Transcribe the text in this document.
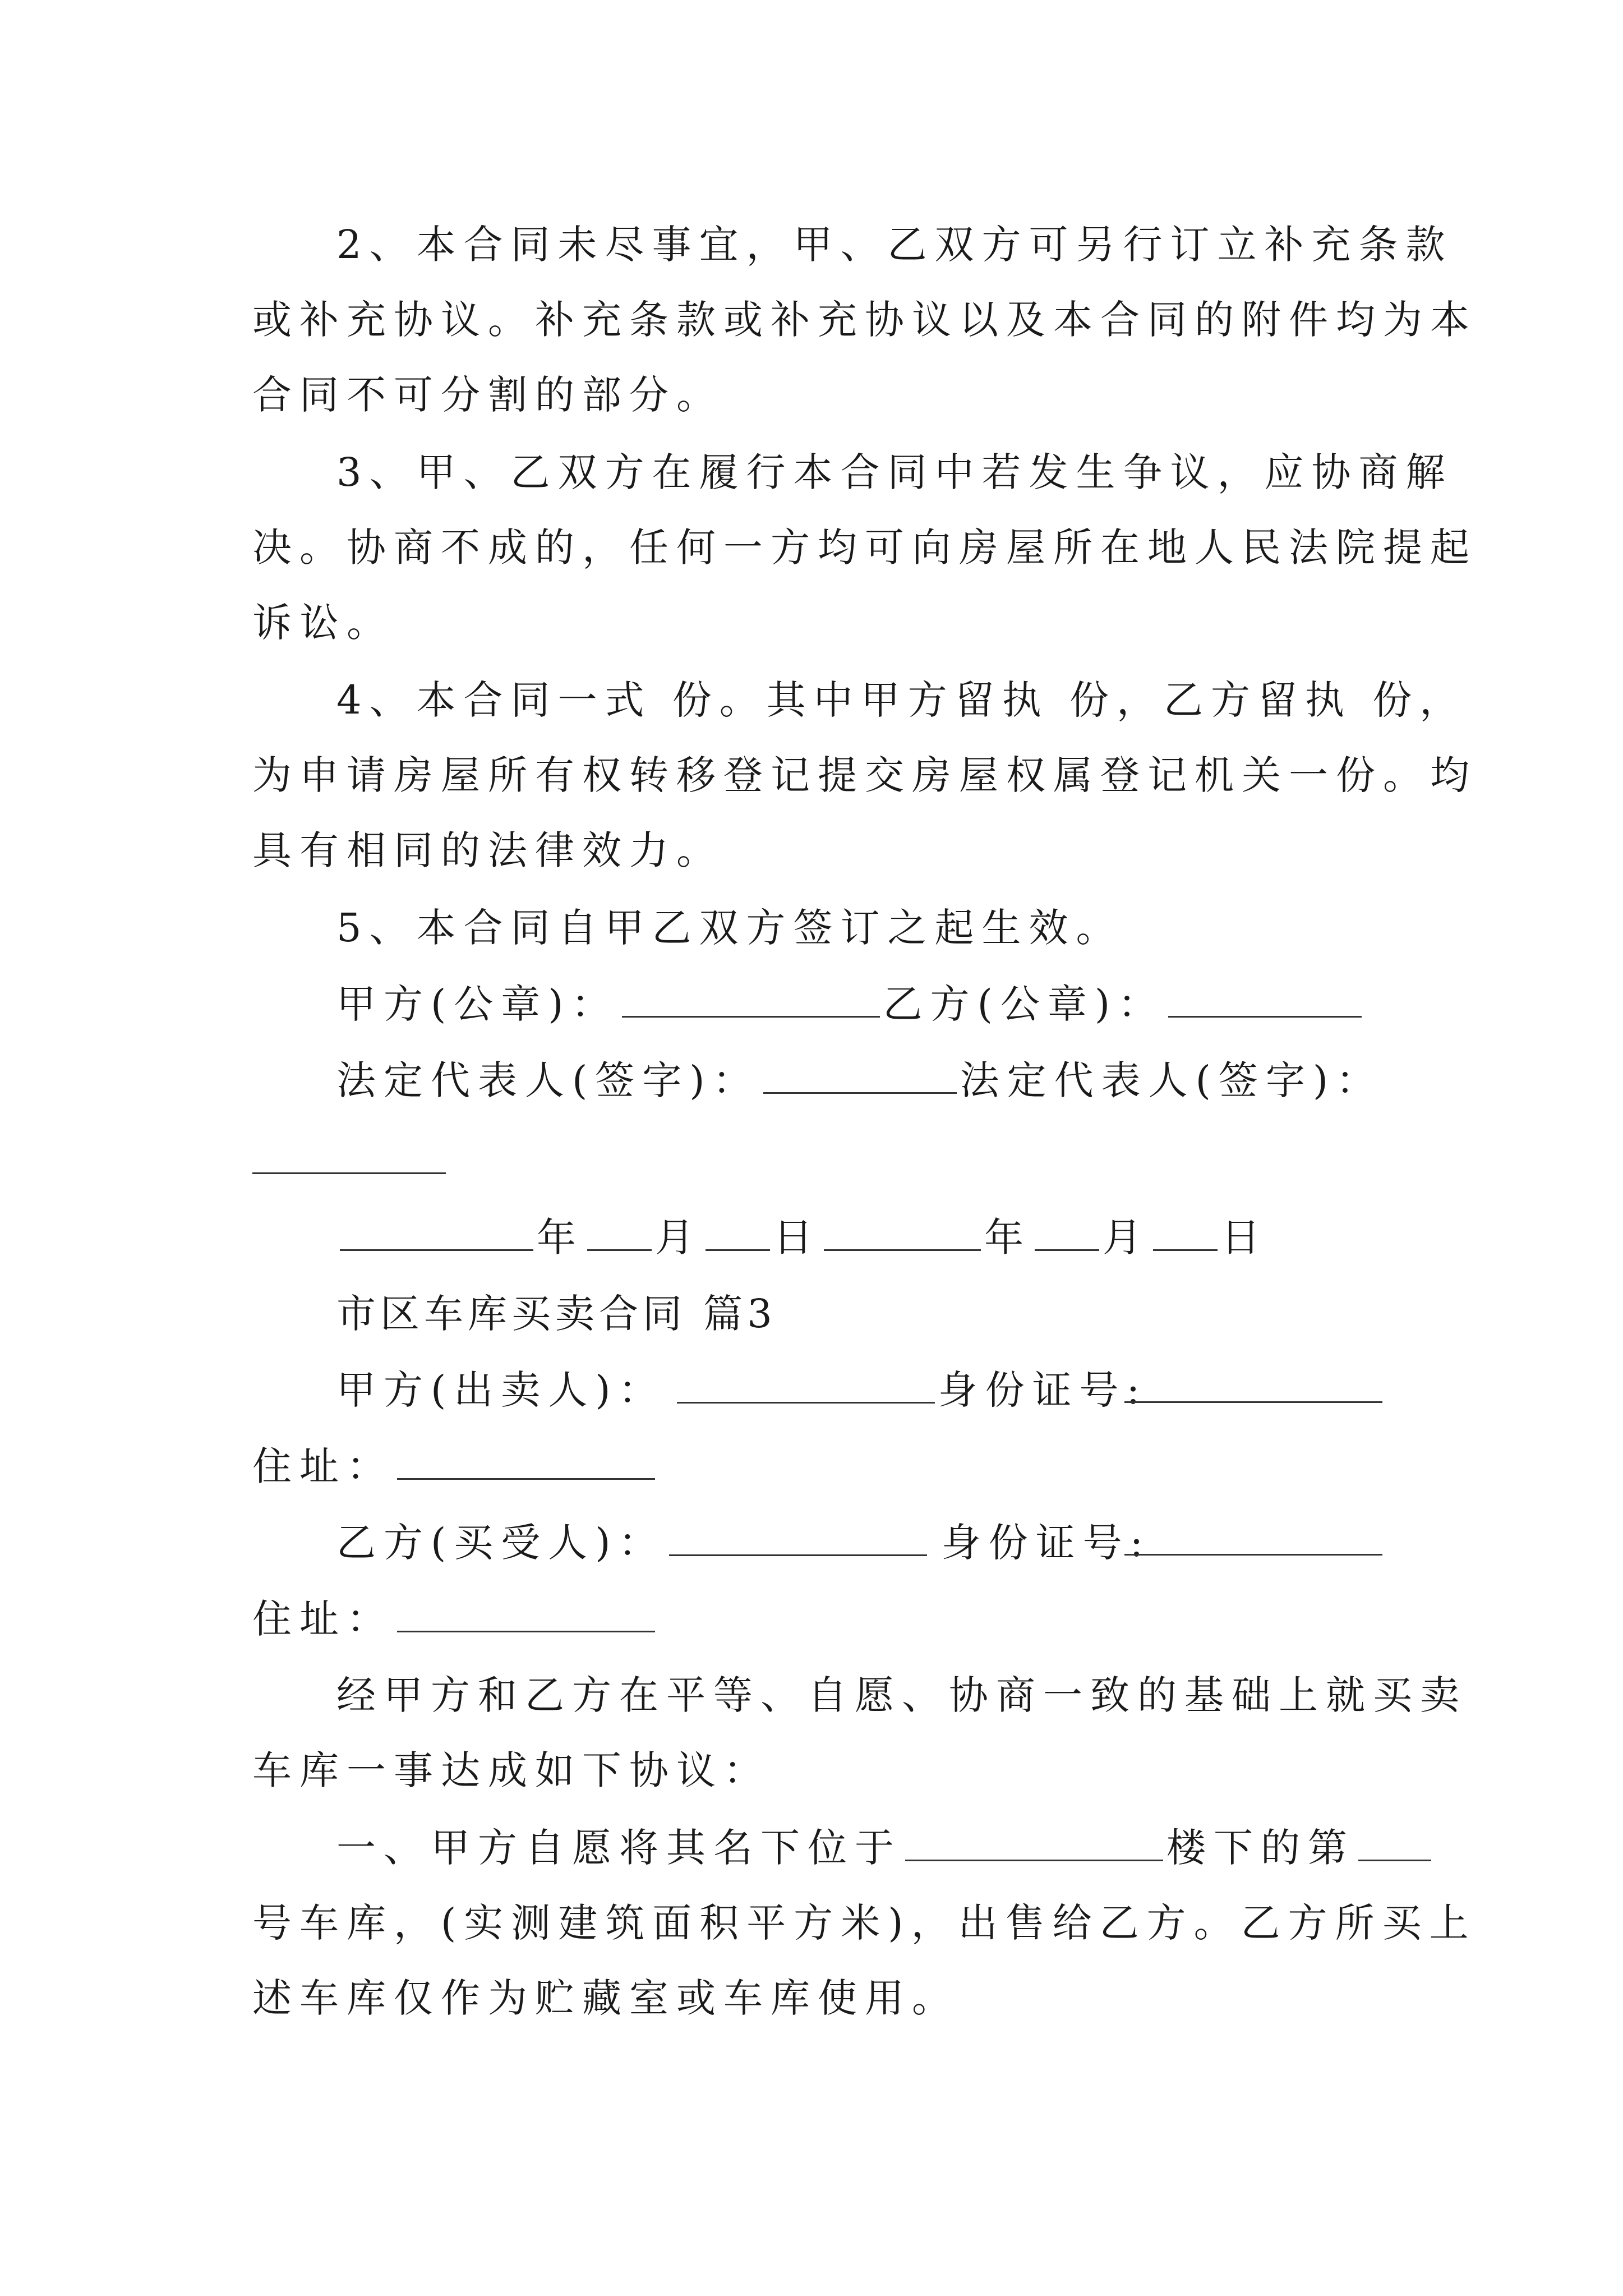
2、本合同未尽事宜，甲、乙双方可另行订立补充条款
或补充协议。补充条款或补充协议以及本合同的附件均为本
合同不可分割的部分。
3、甲、乙双方在履行本合同中若发生争议，应协商解
决。协商不成的，任何一方均可向房屋所在地人民法院提起
诉讼。
4、本合同一式 份。其中甲方留执 份，乙方留执 份，
为申请房屋所有权转移登记提交房屋权属登记机关一份。均
具有相同的法律效力。
5、本合同自甲乙双方签订之起生效。
甲方(公章)：	乙方(公章)：
法定代表人(签字)：	法定代表人(签字)：
年 月 日	年 月 日
市区车库买卖合同 篇3
甲方(出卖人)：	身份证号:
住址：
乙方(买受人)：	身份证号:
住址：
经甲方和乙方在平等、自愿、协商一致的基础上就买卖
车库一事达成如下协议：
一、甲方自愿将其名下位于	楼下的第
号车库，(实测建筑面积平方米)，出售给乙方。乙方所买上
述车库仅作为贮藏室或车库使用。
